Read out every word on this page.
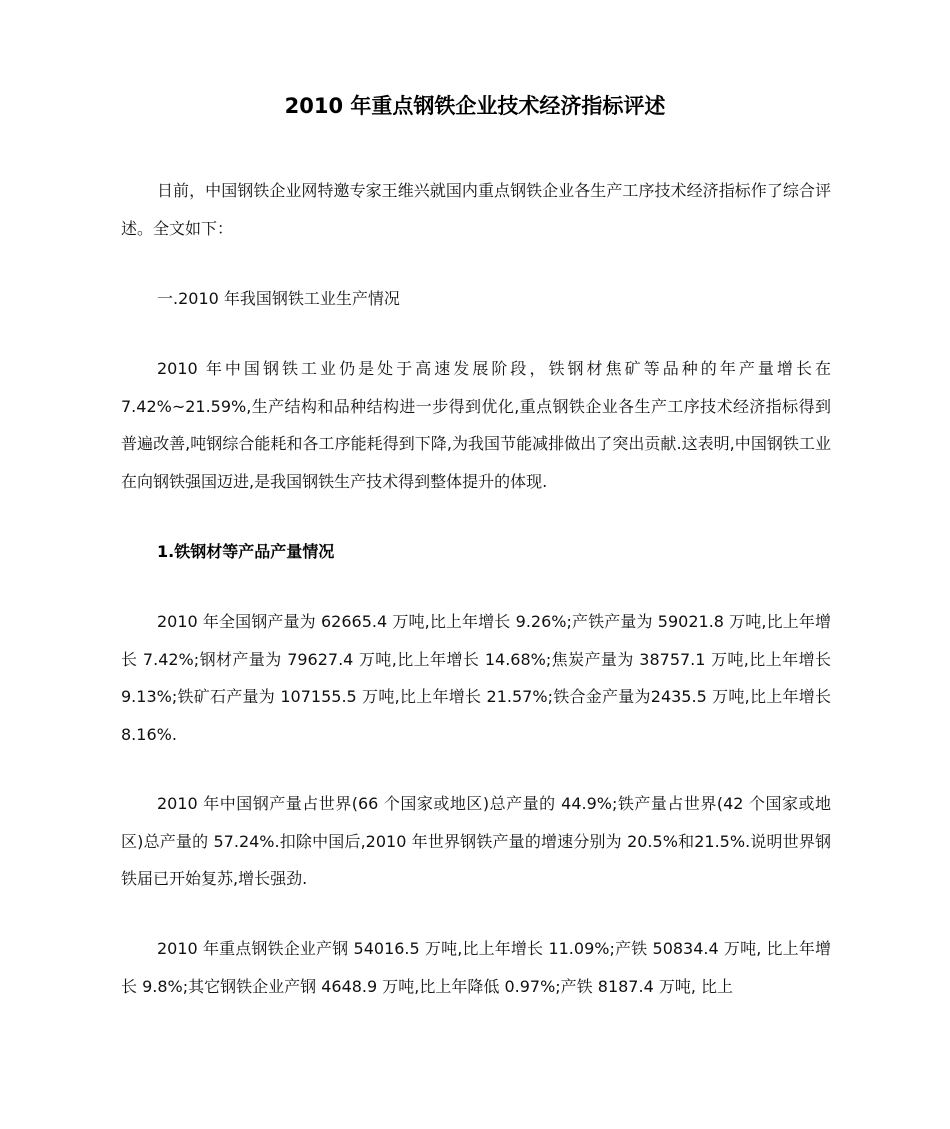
2010 年重点钢铁企业技术经济指标评述

日前，中国钢铁企业网特邀专家王维兴就国内重点钢铁企业各生产工序技术经济指标作了综合评述。全文如下：

一.2010 年我国钢铁工业生产情况

2010 年中国钢铁工业仍是处于高速发展阶段，铁钢材焦矿等品种的年产量增长在7.42%~21.59%,生产结构和品种结构进一步得到优化,重点钢铁企业各生产工序技术经济指标得到普遍改善,吨钢综合能耗和各工序能耗得到下降,为我国节能减排做出了突出贡献.这表明,中国钢铁工业在向钢铁强国迈进,是我国钢铁生产技术得到整体提升的体现.

1.铁钢材等产品产量情况

2010 年全国钢产量为 62665.4 万吨,比上年增长 9.26%;产铁产量为 59021.8 万吨,比上年增长 7.42%;钢材产量为 79627.4 万吨,比上年增长 14.68%;焦炭产量为 38757.1 万吨,比上年增长 9.13%;铁矿石产量为 107155.5 万吨,比上年增长 21.57%;铁合金产量为2435.5 万吨,比上年增长 8.16%.

2010 年中国钢产量占世界(66 个国家或地区)总产量的 44.9%;铁产量占世界(42 个国家或地区)总产量的 57.24%.扣除中国后,2010 年世界钢铁产量的增速分别为 20.5%和21.5%.说明世界钢铁届已开始复苏,增长强劲.

2010 年重点钢铁企业产钢 54016.5 万吨,比上年增长 11.09%;产铁 50834.4 万吨, 比上年增长 9.8%;其它钢铁企业产钢 4648.9 万吨,比上年降低 0.97%;产铁 8187.4 万吨, 比上
